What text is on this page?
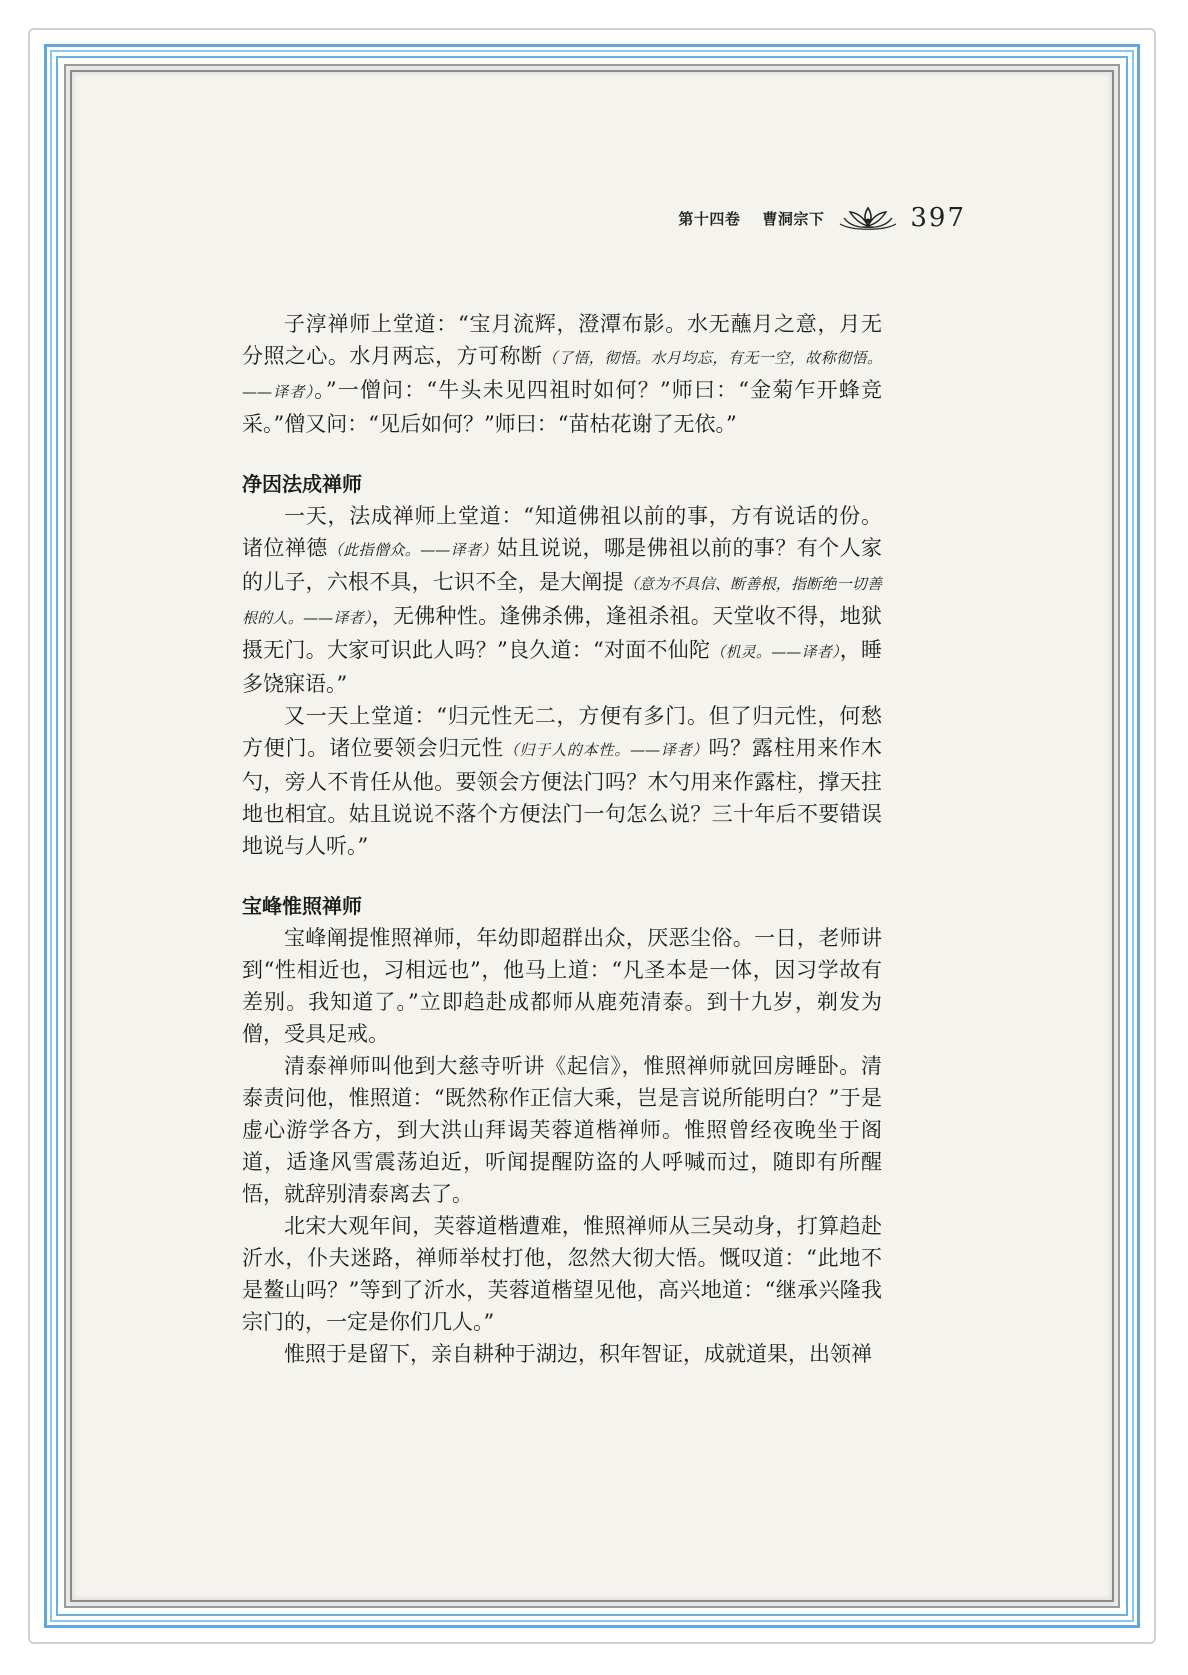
第十四卷 曹洞宗下	397

子淳禅师上堂道：“宝月流辉，澄潭布影。水无蘸月之意，月无分照之心。水月两忘，方可称断（了悟，彻悟。水月均忘，有无一空，故称彻悟。——译者）。”一僧问：“牛头未见四祖时如何？”师曰：“金菊乍开蜂竞采。”僧又问：“见后如何？”师曰：“苗枯花谢了无依。”

净因法成禅师

一天，法成禅师上堂道：“知道佛祖以前的事，方有说话的份。诸位禅德（此指僧众。——译者）姑且说说，哪是佛祖以前的事？有个人家的儿子，六根不具，七识不全，是大阐提（意为不具信、断善根，指断绝一切善根的人。——译者），无佛种性。逢佛杀佛，逢祖杀祖。天堂收不得，地狱摄无门。大家可识此人吗？”良久道：“对面不仙陀（机灵。——译者），睡多饶寐语。”

又一天上堂道：“归元性无二，方便有多门。但了归元性，何愁方便门。诸位要领会归元性（归于人的本性。——译者）吗？露柱用来作木勺，旁人不肯任从他。要领会方便法门吗？木勺用来作露柱，撑天拄地也相宜。姑且说说不落个方便法门一句怎么说？三十年后不要错误地说与人听。”

宝峰惟照禅师

宝峰阐提惟照禅师，年幼即超群出众，厌恶尘俗。一日，老师讲到“性相近也，习相远也”，他马上道：“凡圣本是一体，因习学故有差别。我知道了。”立即趋赴成都师从鹿苑清泰。到十九岁，剃发为僧，受具足戒。

清泰禅师叫他到大慈寺听讲《起信》，惟照禅师就回房睡卧。清泰责问他，惟照道：“既然称作正信大乘，岂是言说所能明白？”于是虚心游学各方，到大洪山拜谒芙蓉道楷禅师。惟照曾经夜晚坐于阁道，适逢风雪震荡迫近，听闻提醒防盗的人呼喊而过，随即有所醒悟，就辞别清泰离去了。

北宋大观年间，芙蓉道楷遭难，惟照禅师从三吴动身，打算趋赴沂水，仆夫迷路，禅师举杖打他，忽然大彻大悟。慨叹道：“此地不是鳌山吗？”等到了沂水，芙蓉道楷望见他，高兴地道：“继承兴隆我宗门的，一定是你们几人。”

惟照于是留下，亲自耕种于湖边，积年智证，成就道果，出领禅
